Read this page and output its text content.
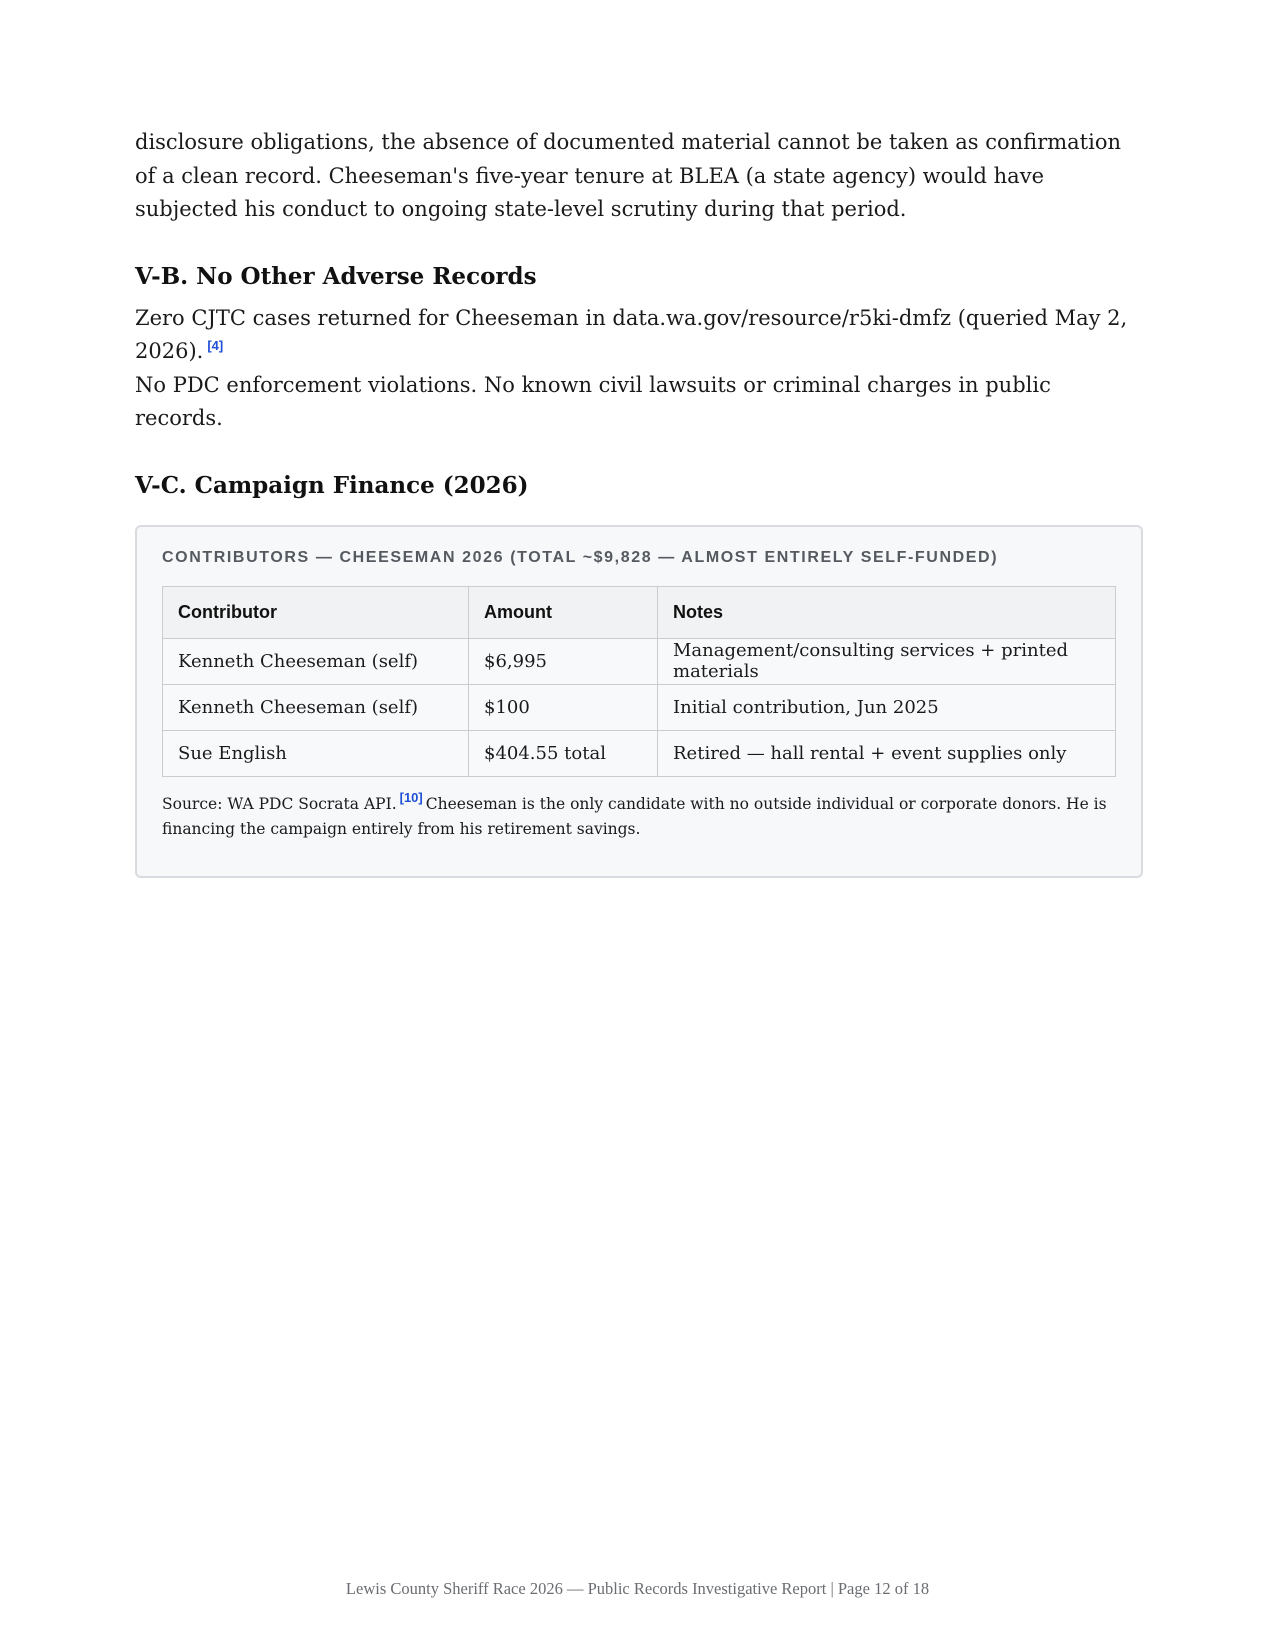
disclosure obligations, the absence of documented material cannot be taken as confirmation of a clean record. Cheeseman's five-year tenure at BLEA (a state agency) would have subjected his conduct to ongoing state-level scrutiny during that period.

V-B. No Other Adverse Records

Zero CJTC cases returned for Cheeseman in data.wa.gov/resource/r5ki-dmfz (queried May 2, 2026). [4]
No PDC enforcement violations. No known civil lawsuits or criminal charges in public records.

V-C. Campaign Finance (2026)
CONTRIBUTORS — CHEESEMAN 2026 (TOTAL ~$9,828 — ALMOST ENTIRELY SELF-FUNDED)
Contributor	Amount	Notes
Kenneth Cheeseman (self)	$6,995	Management/consulting services + printed materials
Kenneth Cheeseman (self)	$100	Initial contribution, Jun 2025
Sue English	$404.55 total	Retired — hall rental + event supplies only

Source: WA PDC Socrata API. [10] Cheeseman is the only candidate with no outside individual or corporate donors. He is financing the campaign entirely from his retirement savings.

Lewis County Sheriff Race 2026 — Public Records Investigative Report | Page 12 of 18
